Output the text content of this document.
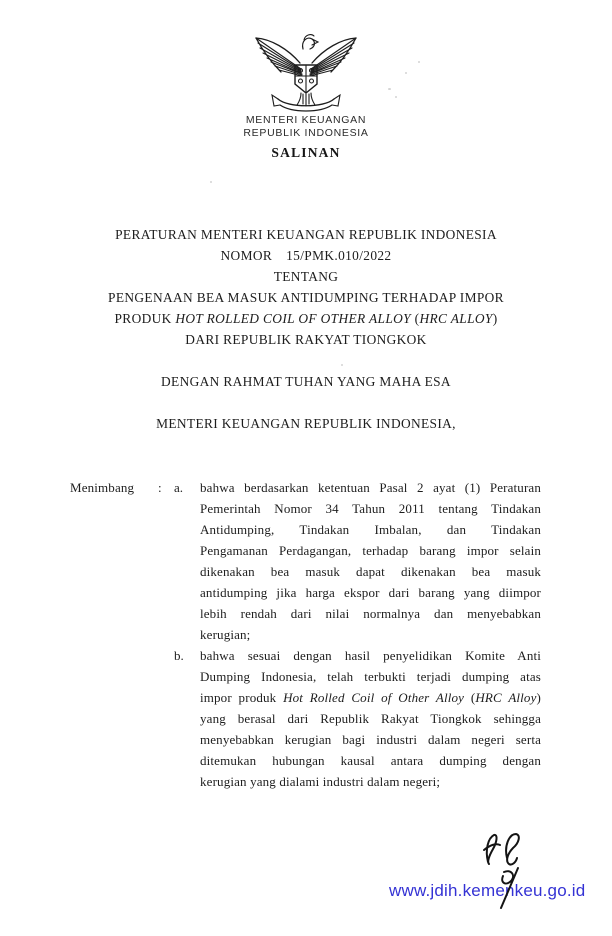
MENTERI KEUANGAN
REPUBLIK INDONESIA
SALINAN
PERATURAN MENTERI KEUANGAN REPUBLIK INDONESIA
NOMOR 15/PMK.010/2022
TENTANG
PENGENAAN BEA MASUK ANTIDUMPING TERHADAP IMPOR
PRODUK HOT ROLLED COIL OF OTHER ALLOY (HRC ALLOY)
DARI REPUBLIK RAKYAT TIONGKOK
DENGAN RAHMAT TUHAN YANG MAHA ESA
MENTERI KEUANGAN REPUBLIK INDONESIA,
Menimbang : a. bahwa berdasarkan ketentuan Pasal 2 ayat (1) Peraturan
Pemerintah Nomor 34 Tahun 2011 tentang Tindakan
Antidumping, Tindakan Imbalan, dan Tindakan
Pengamanan Perdagangan, terhadap barang impor selain
dikenakan bea masuk dapat dikenakan bea masuk
antidumping jika harga ekspor dari barang yang diimpor
lebih rendah dari nilai normalnya dan menyebabkan
kerugian;
b. bahwa sesuai dengan hasil penyelidikan Komite Anti
Dumping Indonesia, telah terbukti terjadi dumping atas
impor produk Hot Rolled Coil of Other Alloy (HRC Alloy)
yang berasal dari Republik Rakyat Tiongkok sehingga
menyebabkan kerugian bagi industri dalam negeri serta
ditemukan hubungan kausal antara dumping dengan
kerugian yang dialami industri dalam negeri;
www.jdih.kemenkeu.go.id
